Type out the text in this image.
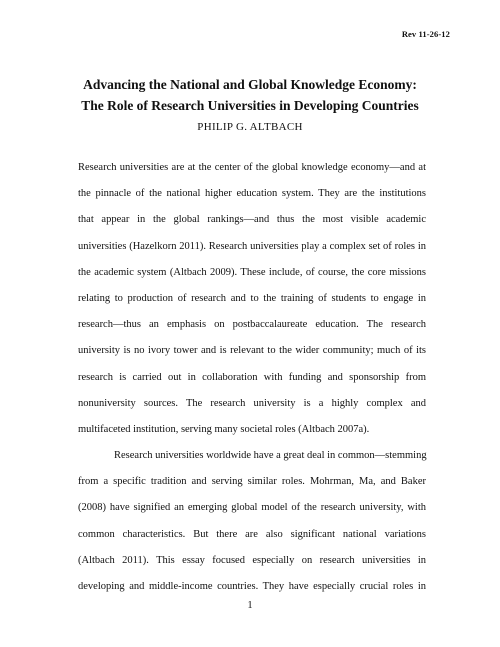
Rev 11-26-12
Advancing the National and Global Knowledge Economy:
The Role of Research Universities in Developing Countries
PHILIP G. ALTBACH
Research universities are at the center of the global knowledge economy—and at
the pinnacle of the national higher education system. They are the institutions
that appear in the global rankings—and thus the most visible academic
universities (Hazelkorn 2011). Research universities play a complex set of roles in
the academic system (Altbach 2009). These include, of course, the core missions
relating to production of research and to the training of students to engage in
research—thus an emphasis on postbaccalaureate education. The research
university is no ivory tower and is relevant to the wider community; much of its
research is carried out in collaboration with funding and sponsorship from
nonuniversity sources. The research university is a highly complex and
multifaceted institution, serving many societal roles (Altbach 2007a).
Research universities worldwide have a great deal in common—stemming
from a specific tradition and serving similar roles. Mohrman, Ma, and Baker
(2008) have signified an emerging global model of the research university, with
common characteristics. But there are also significant national variations
(Altbach 2011). This essay focused especially on research universities in
developing and middle-income countries. They have especially crucial roles in
1
